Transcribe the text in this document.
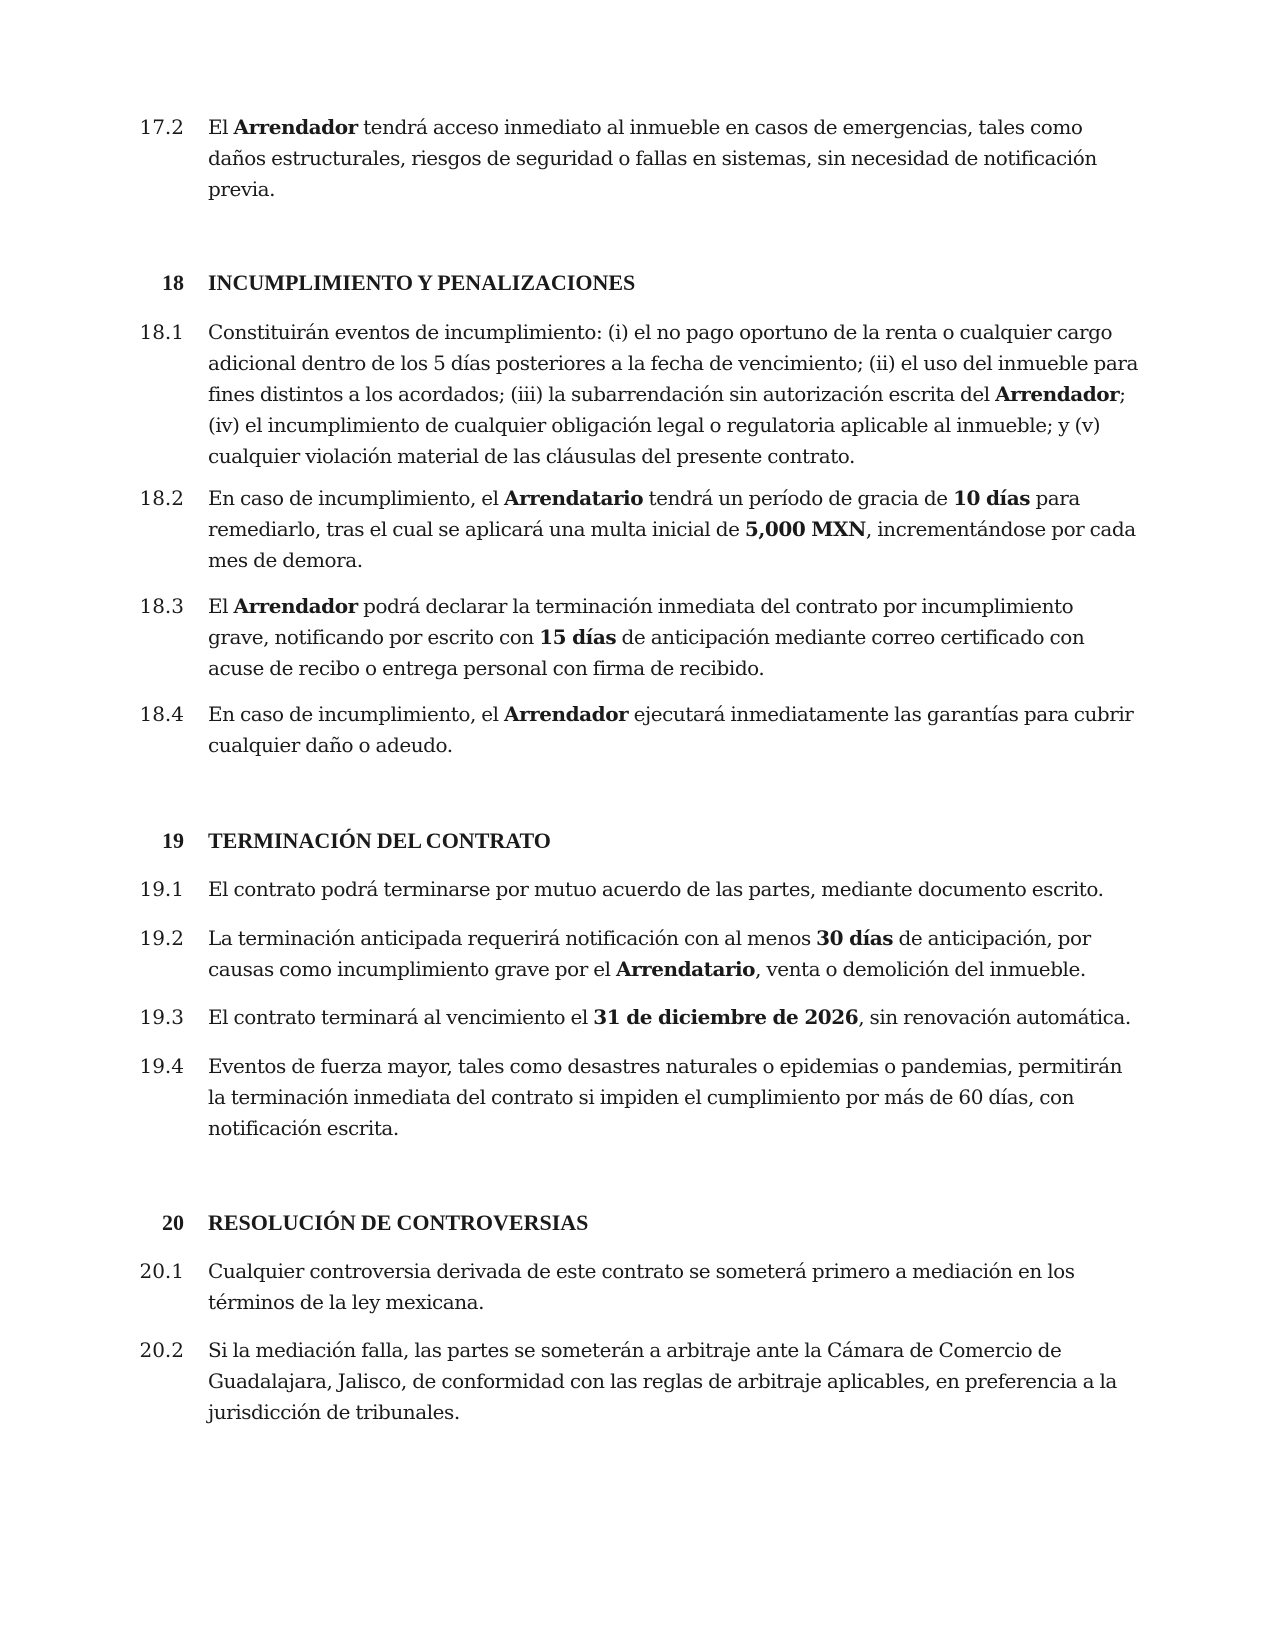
17.2 El Arrendador tendrá acceso inmediato al inmueble en casos de emergencias, tales como daños estructurales, riesgos de seguridad o fallas en sistemas, sin necesidad de notificación previa.
18 INCUMPLIMIENTO Y PENALIZACIONES
18.1 Constituirán eventos de incumplimiento: (i) el no pago oportuno de la renta o cualquier cargo adicional dentro de los 5 días posteriores a la fecha de vencimiento; (ii) el uso del inmueble para fines distintos a los acordados; (iii) la subarrendación sin autorización escrita del Arrendador; (iv) el incumplimiento de cualquier obligación legal o regulatoria aplicable al inmueble; y (v) cualquier violación material de las cláusulas del presente contrato.
18.2 En caso de incumplimiento, el Arrendatario tendrá un período de gracia de 10 días para remediarlo, tras el cual se aplicará una multa inicial de 5,000 MXN, incrementándose por cada mes de demora.
18.3 El Arrendador podrá declarar la terminación inmediata del contrato por incumplimiento grave, notificando por escrito con 15 días de anticipación mediante correo certificado con acuse de recibo o entrega personal con firma de recibido.
18.4 En caso de incumplimiento, el Arrendador ejecutará inmediatamente las garantías para cubrir cualquier daño o adeudo.
19 TERMINACIÓN DEL CONTRATO
19.1 El contrato podrá terminarse por mutuo acuerdo de las partes, mediante documento escrito.
19.2 La terminación anticipada requerirá notificación con al menos 30 días de anticipación, por causas como incumplimiento grave por el Arrendatario, venta o demolición del inmueble.
19.3 El contrato terminará al vencimiento el 31 de diciembre de 2026, sin renovación automática.
19.4 Eventos de fuerza mayor, tales como desastres naturales o epidemias o pandemias, permitirán la terminación inmediata del contrato si impiden el cumplimiento por más de 60 días, con notificación escrita.
20 RESOLUCIÓN DE CONTROVERSIAS
20.1 Cualquier controversia derivada de este contrato se someterá primero a mediación en los términos de la ley mexicana.
20.2 Si la mediación falla, las partes se someterán a arbitraje ante la Cámara de Comercio de Guadalajara, Jalisco, de conformidad con las reglas de arbitraje aplicables, en preferencia a la jurisdicción de tribunales.
